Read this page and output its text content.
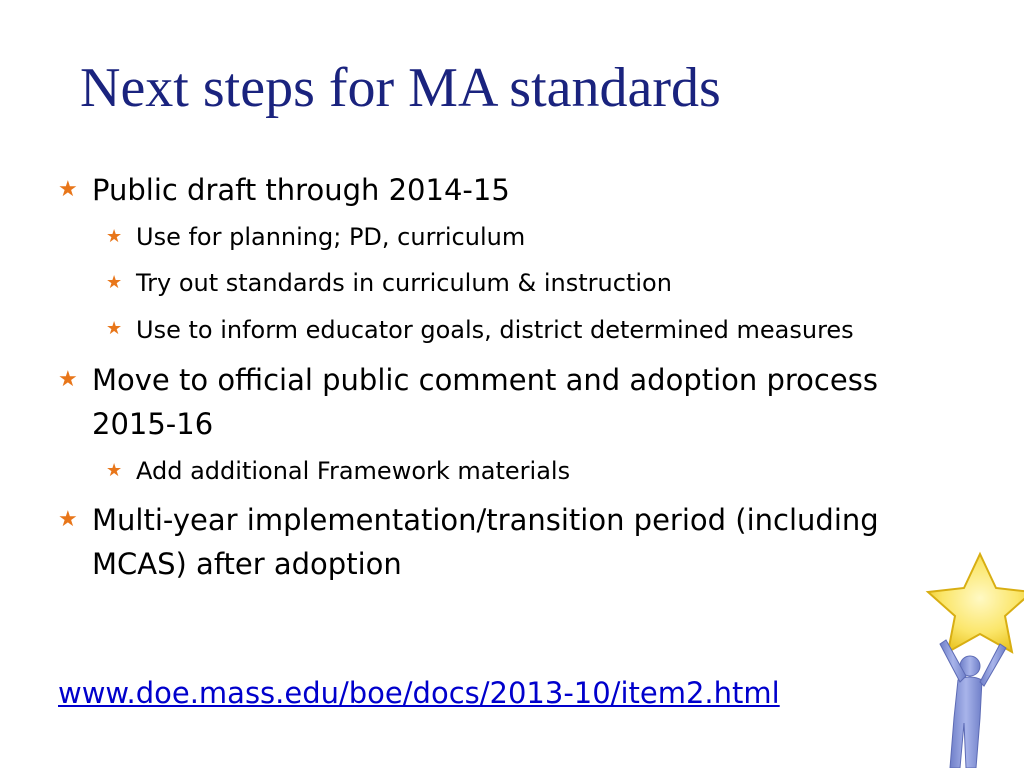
Next steps for MA standards
★ Public draft through 2014-15
★ Use for planning; PD, curriculum
★ Try out standards in curriculum & instruction
★ Use to inform educator goals, district determined measures
★ Move to official public comment and adoption process 2015-16
★ Add additional Framework materials
★ Multi-year implementation/transition period (including MCAS) after adoption
www.doe.mass.edu/boe/docs/2013-10/item2.html
